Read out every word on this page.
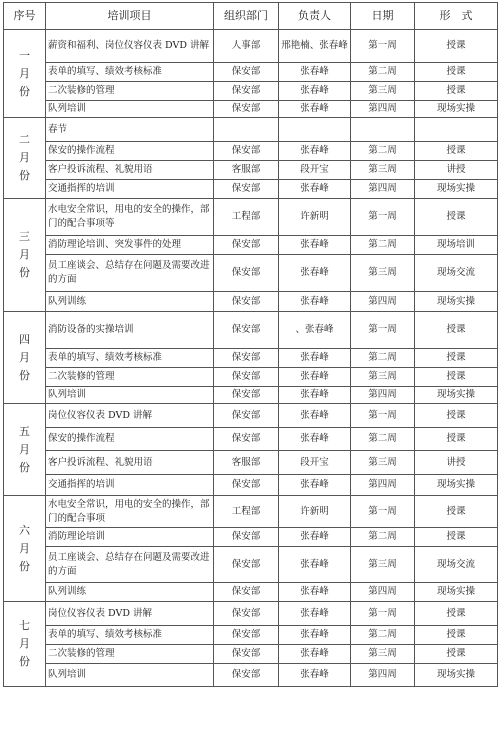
序号	培训项目	组织部门	负责人	日期	形　式
一月份	薪资和福利、岗位仪容仪表 DVD 讲解	人事部	邢艳楠、张春峰	第一周	授课
	表单的填写、绩效考核标准	保安部	张春峰	第二周	授课
	二次装修的管理	保安部	张春峰	第三周	授课
	队列培训	保安部	张春峰	第四周	现场实操
二月份	春节				
	保安的操作流程	保安部	张春峰	第二周	授课
	客户投诉流程、礼貌用语	客服部	段开宝	第三周	讲授
	交通指挥的培训	保安部	张春峰	第四周	现场实操
三月份	水电安全常识，用电的安全的操作，部门的配合事项等	工程部	许新明	第一周	授课
	消防理论培训、突发事件的处理	保安部	张春峰	第二周	现场培训
	员工座谈会、总结存在问题及需要改进的方面	保安部	张春峰	第三周	现场交流
	队列训练	保安部	张春峰	第四周	现场实操
四月份	消防设备的实操培训	保安部	、张春峰	第一周	授课
	表单的填写、绩效考核标准	保安部	张春峰	第二周	授课
	二次装修的管理	保安部	张春峰	第三周	授课
	队列培训	保安部	张春峰	第四周	现场实操
五月份	岗位仪容仪表 DVD 讲解	保安部	张春峰	第一周	授课
	保安的操作流程	保安部	张春峰	第二周	授课
	客户投诉流程、礼貌用语	客服部	段开宝	第三周	讲授
	交通指挥的培训	保安部	张春峰	第四周	现场实操
六月份	水电安全常识，用电的安全的操作，部门的配合事项	工程部	许新明	第一周	授课
	消防理论培训	保安部	张春峰	第二周	授课
	员工座谈会、总结存在问题及需要改进的方面	保安部	张春峰	第三周	现场交流
	队列训练	保安部	张春峰	第四周	现场实操
七月份	岗位仪容仪表 DVD 讲解	保安部	张春峰	第一周	授课
	表单的填写、绩效考核标准	保安部	张春峰	第二周	授课
	二次装修的管理	保安部	张春峰	第三周	授课
	队列培训	保安部	张春峰	第四周	现场实操
